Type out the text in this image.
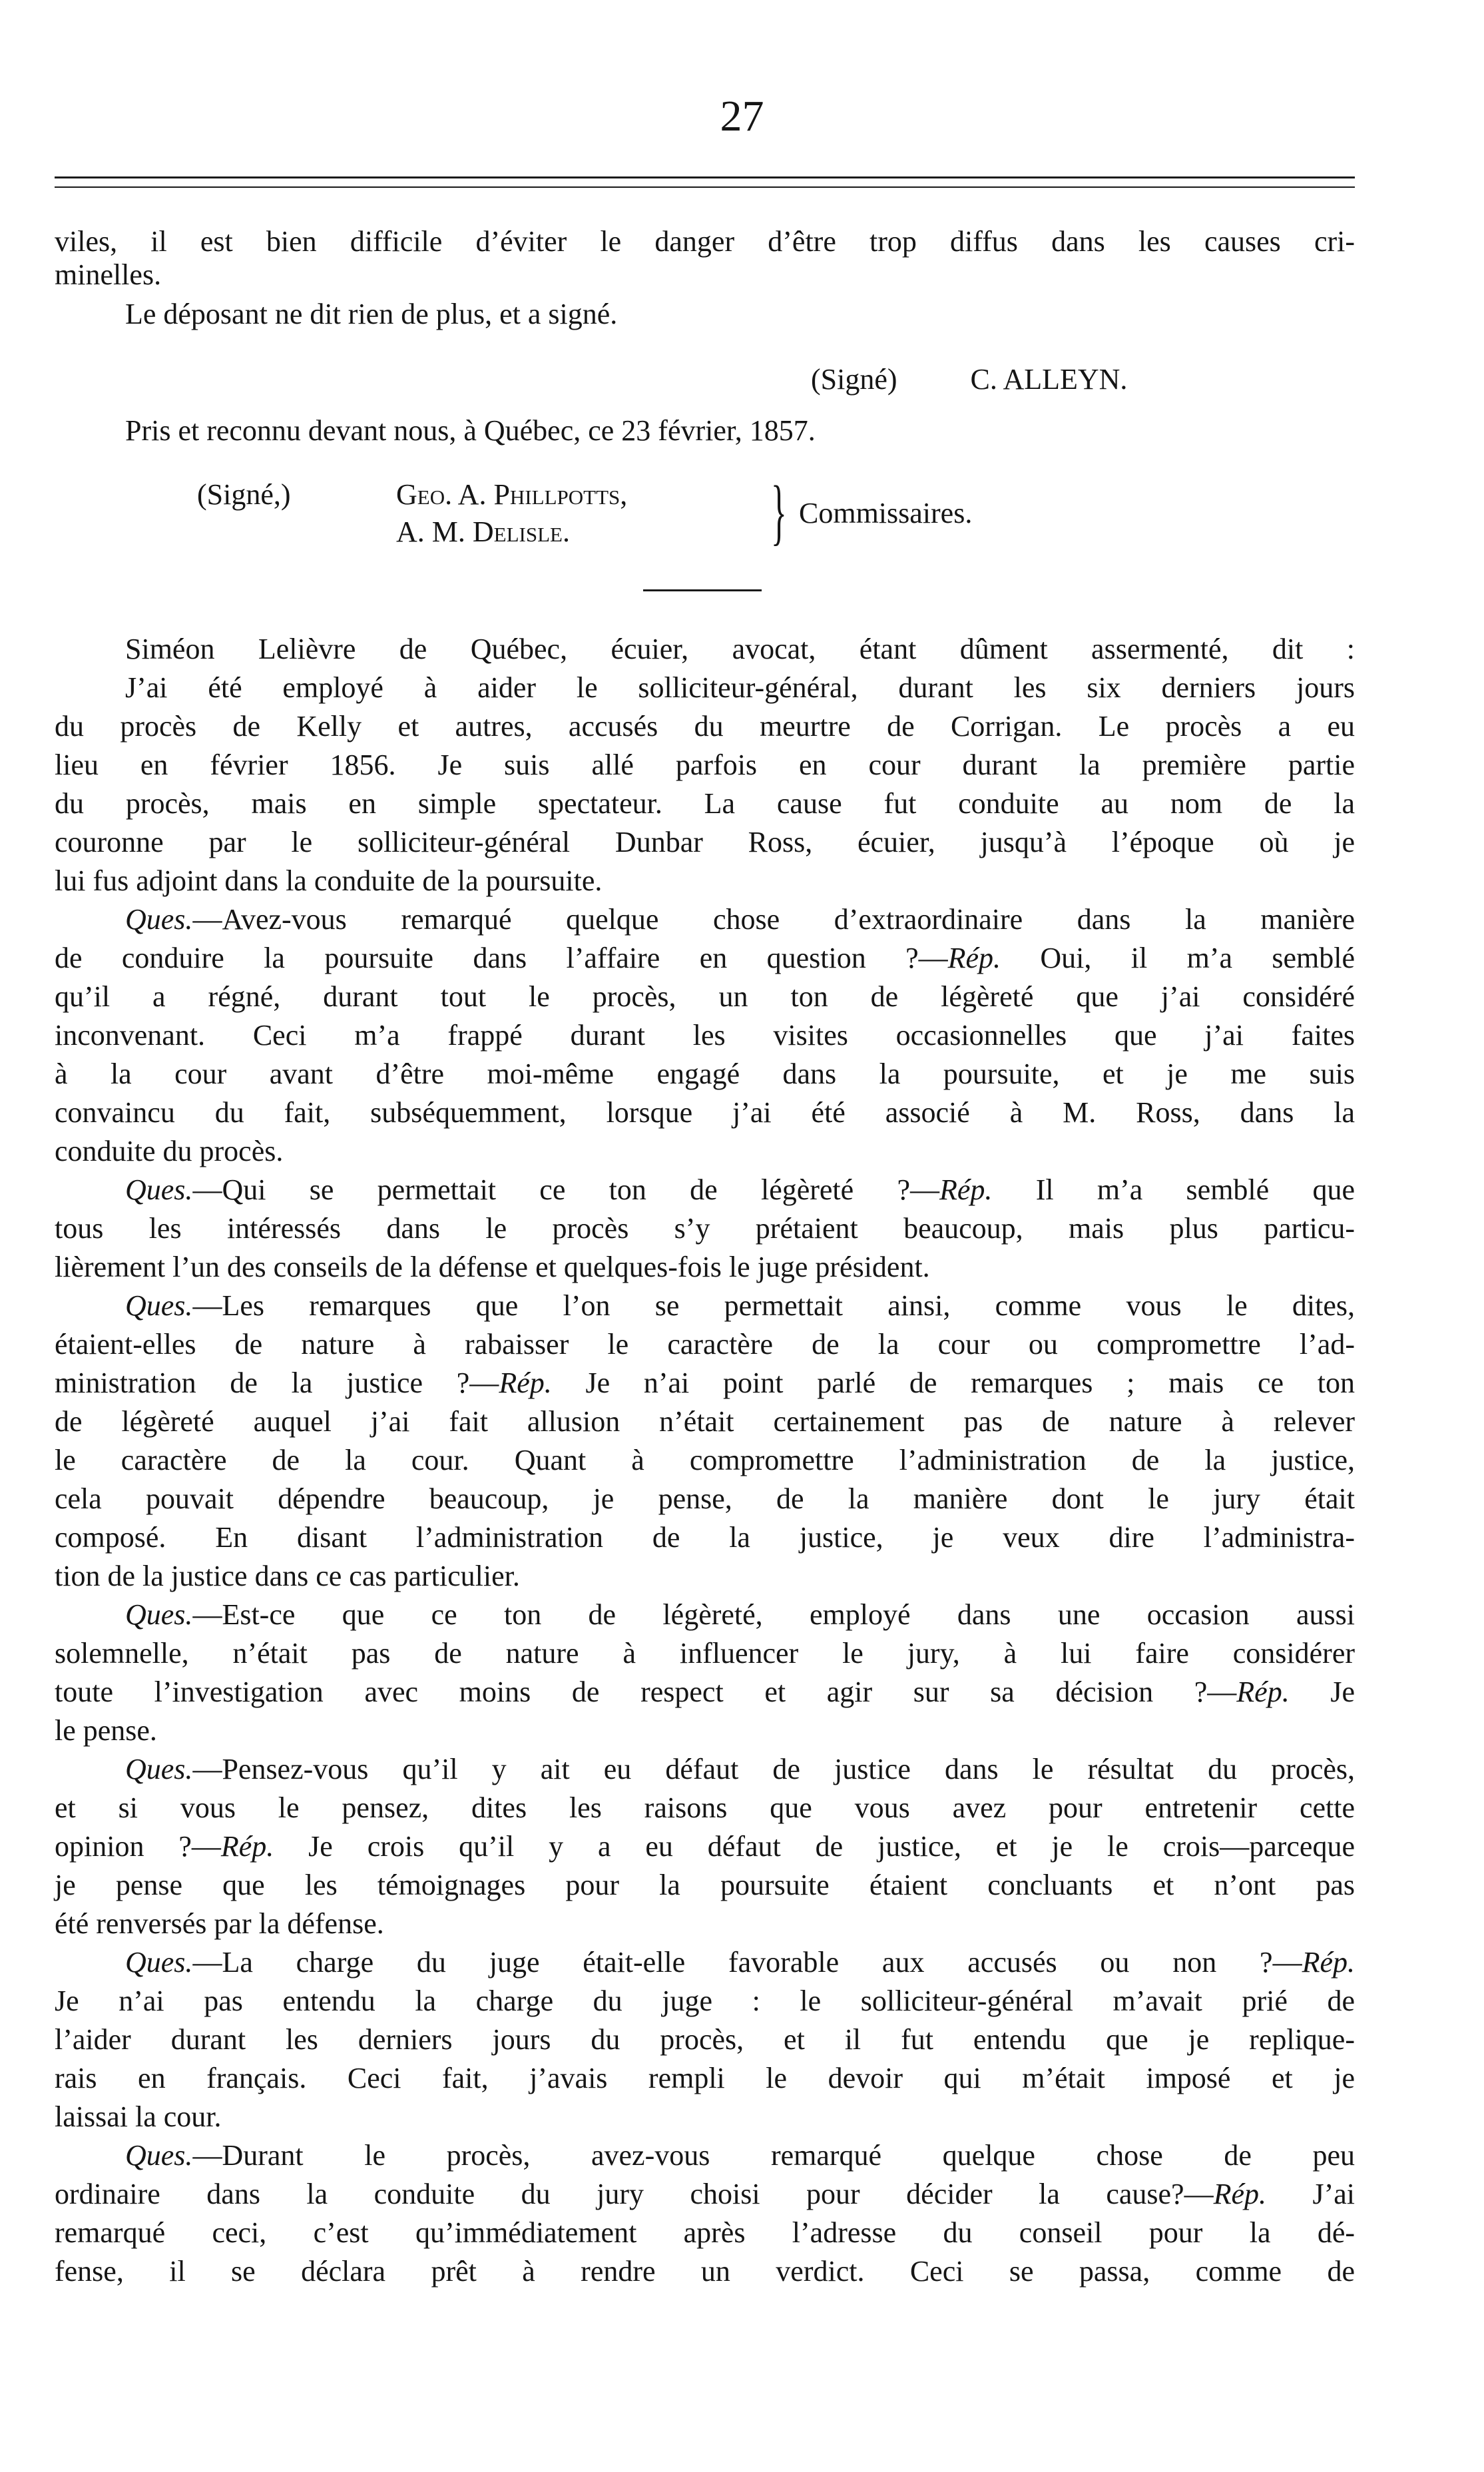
27
viles, il est bien difficile d’éviter le danger d’être trop diffus dans les causes cri-
minelles.
Le déposant ne dit rien de plus, et a signé.
(Signé)          C. ALLEYN.
Pris et reconnu devant nous, à Québec, ce 23 février, 1857.
(Signé,)	Geo. A. Phillpotts,
A. M. Delisle.	} Commissaires.
Siméon Lelièvre de Québec, écuier, avocat, étant dûment assermenté, dit :
J’ai été employé à aider le solliciteur-général, durant les six derniers jours
du procès de Kelly et autres, accusés du meurtre de Corrigan. Le procès a eu
lieu en février 1856. Je suis allé parfois en cour durant la première partie
du procès, mais en simple spectateur. La cause fut conduite au nom de la
couronne par le solliciteur-général Dunbar Ross, écuier, jusqu’à l’époque où je
lui fus adjoint dans la conduite de la poursuite.
Ques.—Avez-vous remarqué quelque chose d’extraordinaire dans la manière
de conduire la poursuite dans l’affaire en question ?—Rép. Oui, il m’a semblé
qu’il a régné, durant tout le procès, un ton de légèreté que j’ai considéré
inconvenant. Ceci m’a frappé durant les visites occasionnelles que j’ai faites
à la cour avant d’être moi-même engagé dans la poursuite, et je me suis
convaincu du fait, subséquemment, lorsque j’ai été associé à M. Ross, dans la
conduite du procès.
Ques.—Qui se permettait ce ton de légèreté ?—Rép. Il m’a semblé que
tous les intéressés dans le procès s’y prétaient beaucoup, mais plus particu-
lièrement l’un des conseils de la défense et quelques-fois le juge président.
Ques.—Les remarques que l’on se permettait ainsi, comme vous le dites,
étaient-elles de nature à rabaisser le caractère de la cour ou compromettre l’ad-
ministration de la justice ?—Rép. Je n’ai point parlé de remarques ; mais ce ton
de légèreté auquel j’ai fait allusion n’était certainement pas de nature à relever
le caractère de la cour. Quant à compromettre l’administration de la justice,
cela pouvait dépendre beaucoup, je pense, de la manière dont le jury était
composé. En disant l’administration de la justice, je veux dire l’administra-
tion de la justice dans ce cas particulier.
Ques.—Est-ce que ce ton de légèreté, employé dans une occasion aussi
solemnelle, n’était pas de nature à influencer le jury, à lui faire considérer
toute l’investigation avec moins de respect et agir sur sa décision ?—Rép. Je
le pense.
Ques.—Pensez-vous qu’il y ait eu défaut de justice dans le résultat du procès,
et si vous le pensez, dites les raisons que vous avez pour entretenir cette
opinion ?—Rép. Je crois qu’il y a eu défaut de justice, et je le crois—parceque
je pense que les témoignages pour la poursuite étaient concluants et n’ont pas
été renversés par la défense.
Ques.—La charge du juge était-elle favorable aux accusés ou non ?—Rép.
Je n’ai pas entendu la charge du juge : le solliciteur-général m’avait prié de
l’aider durant les derniers jours du procès, et il fut entendu que je replique-
rais en français. Ceci fait, j’avais rempli le devoir qui m’était imposé et je
laissai la cour.
Ques.—Durant le procès, avez-vous remarqué quelque chose de peu
ordinaire dans la conduite du jury choisi pour décider la cause?—Rép. J’ai
remarqué ceci, c’est qu’immédiatement après l’adresse du conseil pour la dé-
fense, il se déclara prêt à rendre un verdict. Ceci se passa, comme de
